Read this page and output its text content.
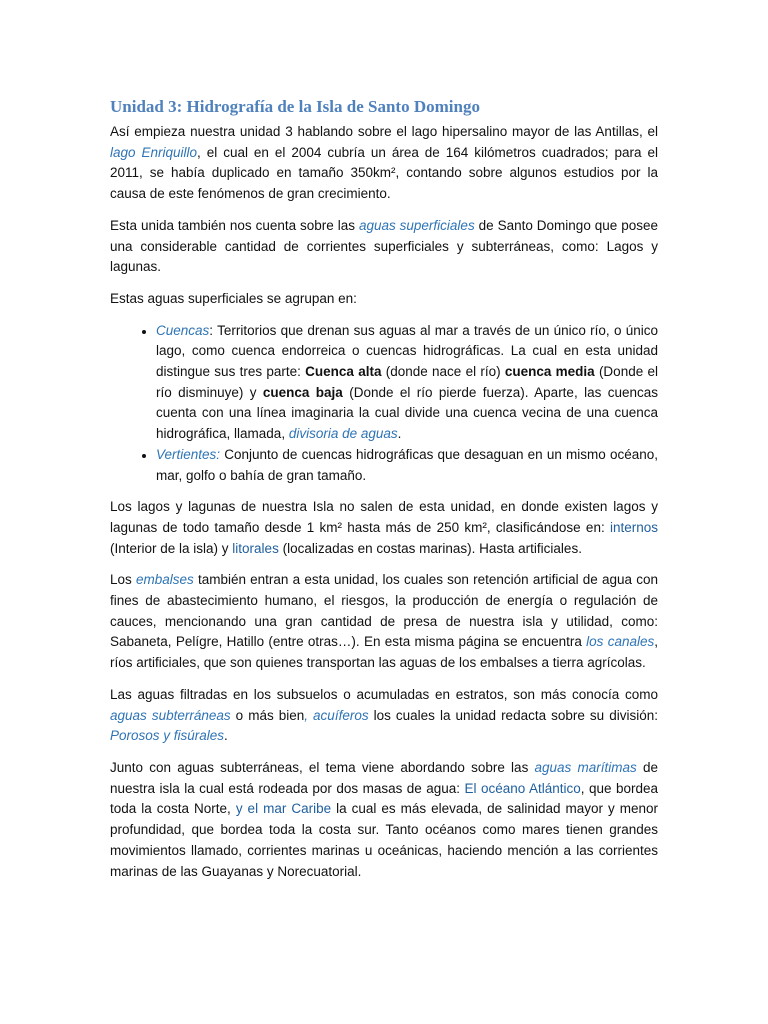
Unidad 3: Hidrografía de la Isla de Santo Domingo

Así empieza nuestra unidad 3 hablando sobre el lago hipersalino mayor de las Antillas, el lago Enriquillo, el cual en el 2004 cubría un área de 164 kilómetros cuadrados; para el 2011, se había duplicado en tamaño 350km², contando sobre algunos estudios por la causa de este fenómenos de gran crecimiento.

Esta unida también nos cuenta sobre las aguas superficiales de Santo Domingo que posee una considerable cantidad de corrientes superficiales y subterráneas, como: Lagos y lagunas.

Estas aguas superficiales se agrupan en:

• Cuencas: Territorios que drenan sus aguas al mar a través de un único río, o único lago, como cuenca endorreica o cuencas hidrográficas. La cual en esta unidad distingue sus tres parte: Cuenca alta (donde nace el río) cuenca media (Donde el río disminuye) y cuenca baja (Donde el río pierde fuerza). Aparte, las cuencas cuenta con una línea imaginaria la cual divide una cuenca vecina de una cuenca hidrográfica, llamada, divisoria de aguas.
• Vertientes: Conjunto de cuencas hidrográficas que desaguan en un mismo océano, mar, golfo o bahía de gran tamaño.

Los lagos y lagunas de nuestra Isla no salen de esta unidad, en donde existen lagos y lagunas de todo tamaño desde 1 km² hasta más de 250 km², clasificándose en: internos (Interior de la isla) y litorales (localizadas en costas marinas). Hasta artificiales.

Los embalses también entran a esta unidad, los cuales son retención artificial de agua con fines de abastecimiento humano, el riesgos, la producción de energía o regulación de cauces, mencionando una gran cantidad de presa de nuestra isla y utilidad, como: Sabaneta, Pelígre, Hatillo (entre otras…). En esta misma página se encuentra los canales, ríos artificiales, que son quienes transportan las aguas de los embalses a tierra agrícolas.

Las aguas filtradas en los subsuelos o acumuladas en estratos, son más conocía como aguas subterráneas o más bien, acuíferos los cuales la unidad redacta sobre su división: Porosos y fisúrales.

Junto con aguas subterráneas, el tema viene abordando sobre las aguas marítimas de nuestra isla la cual está rodeada por dos masas de agua: El océano Atlántico, que bordea toda la costa Norte, y el mar Caribe la cual es más elevada, de salinidad mayor y menor profundidad, que bordea toda la costa sur. Tanto océanos como mares tienen grandes movimientos llamado, corrientes marinas u oceánicas, haciendo mención a las corrientes marinas de las Guayanas y Norecuatorial.
